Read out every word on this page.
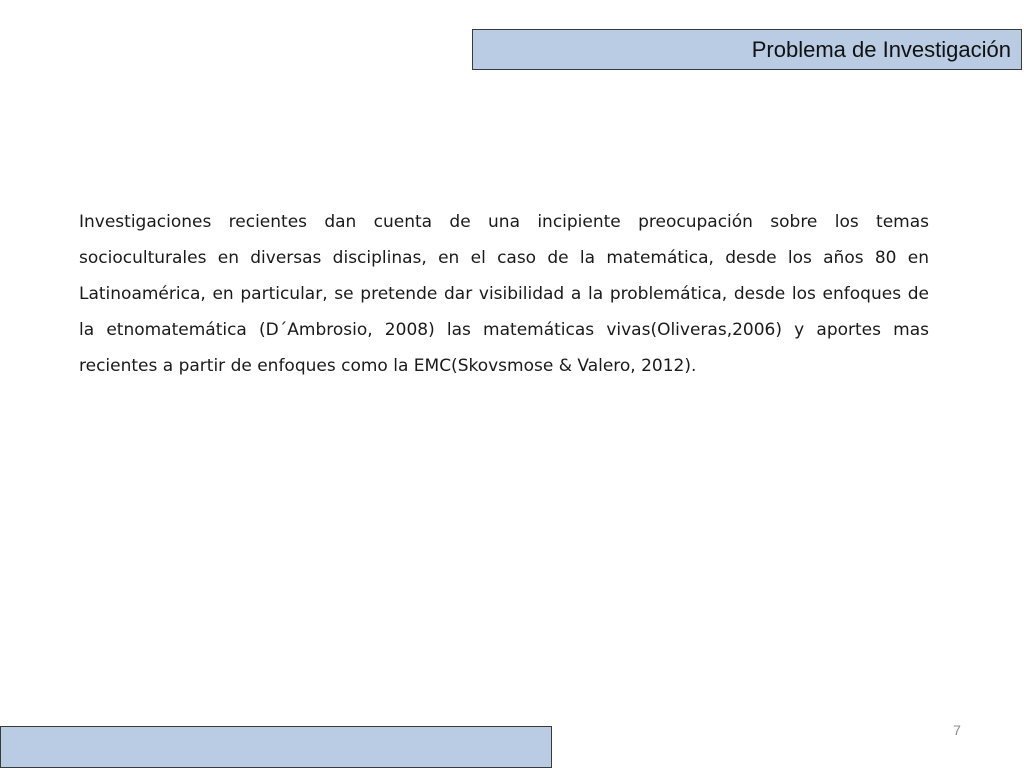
Problema de Investigación

Investigaciones recientes dan cuenta de una incipiente preocupación sobre los temas socioculturales en diversas disciplinas, en el caso de la matemática, desde los años 80 en Latinoamérica, en particular, se pretende dar visibilidad a la problemática, desde los enfoques de la etnomatemática (D´Ambrosio, 2008) las matemáticas vivas(Oliveras,2006) y aportes mas recientes a partir de enfoques como la EMC(Skovsmose & Valero, 2012).

7
